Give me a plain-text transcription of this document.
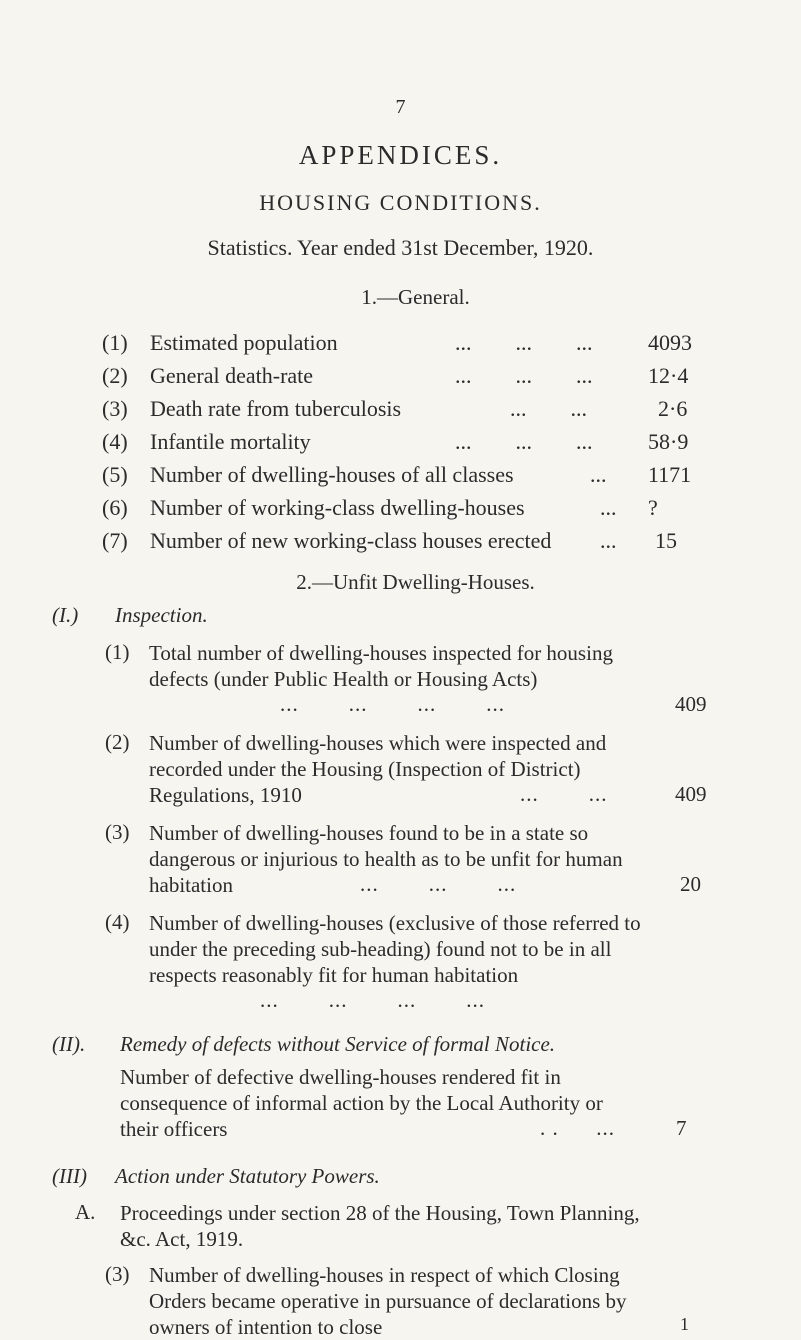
7
APPENDICES.
HOUSING CONDITIONS.
Statistics. Year ended 31st December, 1920.
1.—General.
(1) Estimated population	...        ...        ...	4093
(2) General death-rate	...        ...        ...	12·4
(3) Death rate from tuberculosis	...        ...	2·6
(4) Infantile mortality	...        ...        ...	58·9
(5) Number of dwelling-houses of all classes	... 1171
(6) Number of working-class dwelling-houses	... ?
(7) Number of new working-class houses erected ... 15
2.—Unfit Dwelling-Houses.
(I.) Inspection.
(1) Total number of dwelling-houses inspected for housing defects (under Public Health or Housing Acts)
...        ...        ...        ...	409
(2) Number of dwelling-houses which were inspected and recorded under the Housing (Inspection of District) Regulations, 1910	...        ...	409
(3) Number of dwelling-houses found to be in a state so dangerous or injurious to health as to be unfit for human habitation	...        ...        ...	20
(4) Number of dwelling-houses (exclusive of those referred to under the preceding sub-heading) found not to be in all respects reasonably fit for human habitation
...        ...        ...        ...
(II). Remedy of defects without Service of formal Notice.
Number of defective dwelling-houses rendered fit in consequence of informal action by the Local Authority or their officers	. .      ...	7
(III) Action under Statutory Powers.
A. Proceedings under section 28 of the Housing, Town Planning, &c. Act, 1919.
(3) Number of dwelling-houses in respect of which Closing Orders became operative in pursuance of declarations by owners of intention to close	1
